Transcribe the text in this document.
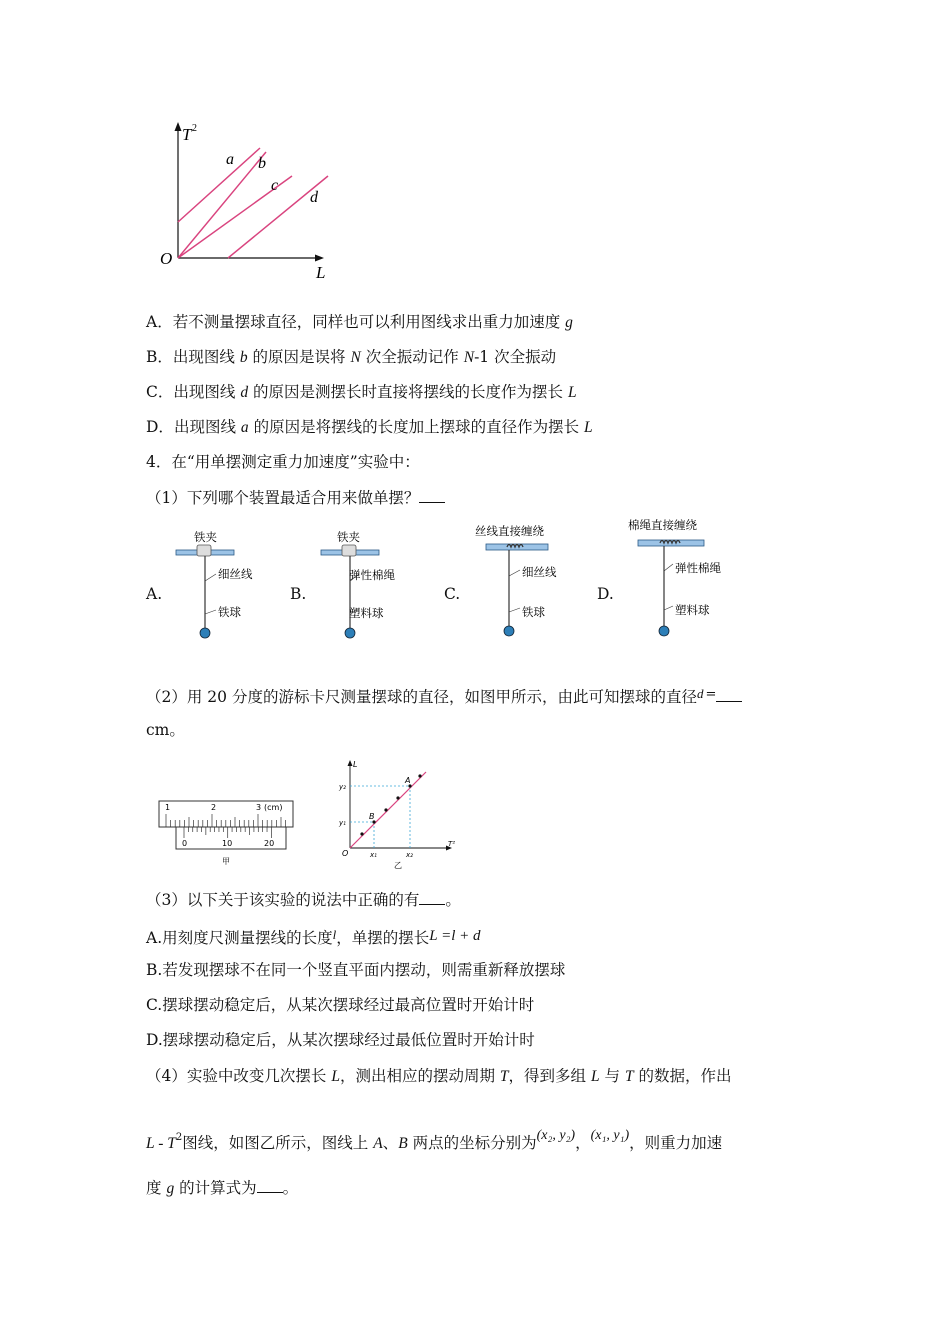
T 2
L
O
a b
c
d
A．若不测量摆球直径，同样也可以利用图线求出重力加速度 g
B．出现图线 b 的原因是误将 N 次全振动记作 N-1 次全振动
C．出现图线 d 的原因是测摆长时直接将摆线的长度作为摆长 L
D．出现图线 a 的原因是将摆线的长度加上摆球的直径作为摆长 L
4．在“用单摆测定重力加速度”实验中：
（1）下列哪个装置最适合用来做单摆？
A.	B.	C.	D.
铁夹
细丝线
铁球
铁夹
弹性棉绳
塑料球
丝线直接缠绕
细丝线
铁球
棉绳直接缠绕
弹性棉绳
塑料球
（2）用 20 分度的游标卡尺测量摆球的直径，如图甲所示，由此可知摆球的直径$^d$ =
cm。
1	2	3 (cm)
0	10	20
甲
L
T²
O
A
B
y₂
y₁
x₁	x₂
乙
（3）以下关于该实验的说法中正确的有 。
A.用刻度尺测量摆线的长度$^l$，单摆的摆长L =l + d
B.若发现摆球不在同一个竖直平面内摆动，则需重新释放摆球
C.摆球摆动稳定后，从某次摆球经过最高位置时开始计时
D.摆球摆动稳定后，从某次摆球经过最低位置时开始计时
（4）实验中改变几次摆长 L，测出相应的摆动周期 T，得到多组 L 与 T 的数据，作出
L - $T^2$图线，如图乙所示，图线上 A、B 两点的坐标分别为(x₂, y₂)，(x₁, y₁)，则重力加速
度 g 的计算式为 。
